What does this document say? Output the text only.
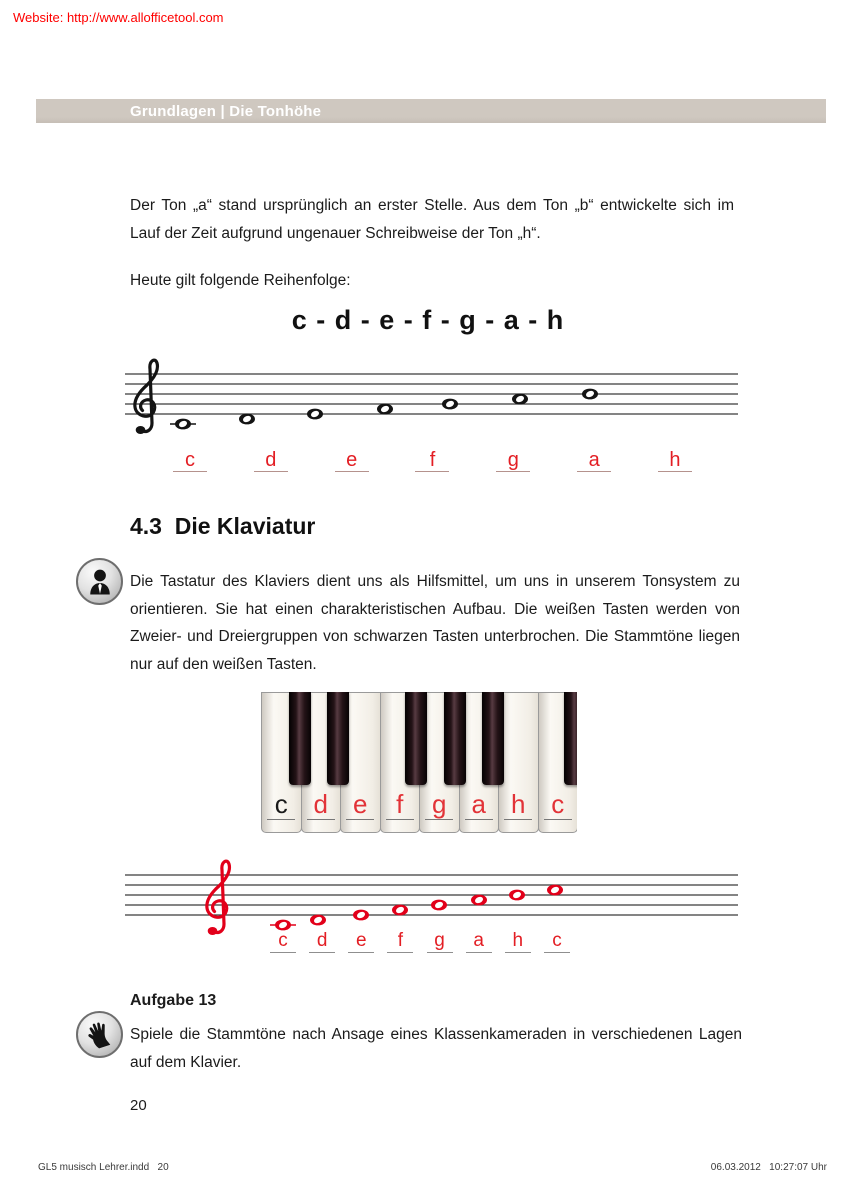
Website: http://www.allofficetool.com
Grundlagen | Die Tonhöhe
Der Ton „a“ stand ursprünglich an erster Stelle. Aus dem Ton „b“ entwickelte sich im Lauf der Zeit aufgrund ungenauer Schreibweise der Ton „h“.
Heute gilt folgende Reihenfolge:
c - d - e - f - g - a - h
c	d	e	f	g	a	h
4.3  Die Klaviatur
Die Tastatur des Klaviers dient uns als Hilfsmittel, um uns in unserem Tonsystem zu orientieren. Sie hat einen charakteristischen Aufbau. Die weißen Tasten werden von Zweier- und Dreiergruppen von schwarzen Tasten unterbrochen. Die Stammtöne liegen nur auf den weißen Tasten.
c d e	f	g a h c
c	d	e	f	g	a	h	c
Aufgabe 13
Spiele die Stammtöne nach Ansage eines Klassenkameraden in verschiedenen Lagen auf dem Klavier.
20
GL5 musisch Lehrer.indd   20	06.03.2012   10:27:07 Uhr
